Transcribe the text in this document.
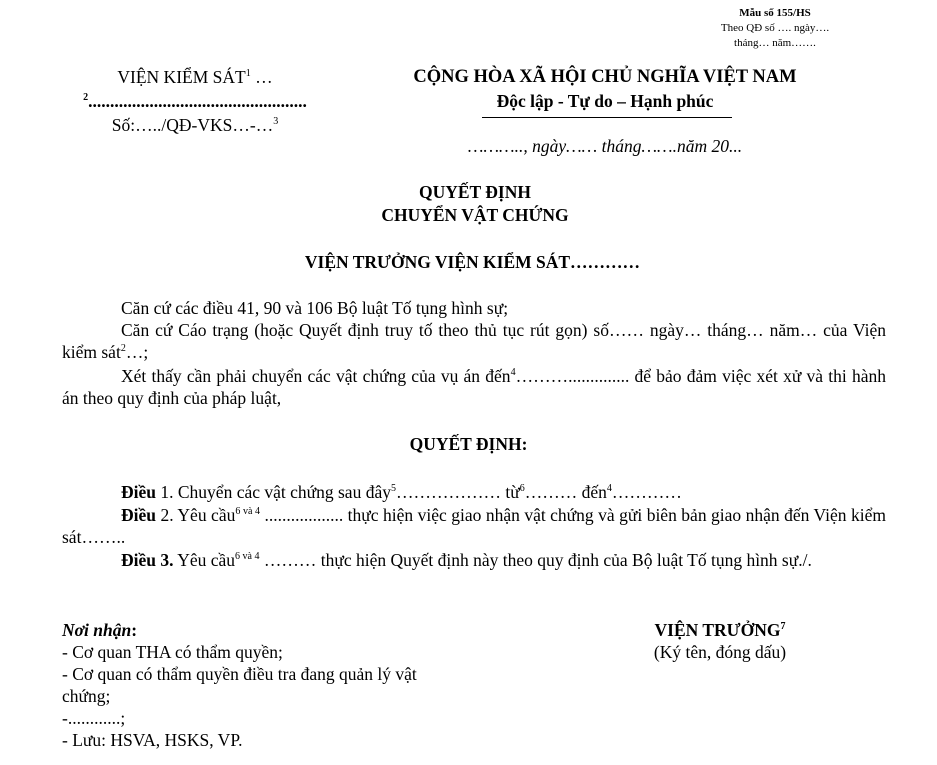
Mẫu số 155/HS
Theo QĐ số …. ngày….
tháng… năm…….
VIỆN KIỂM SÁT$^1$ …
$^2$..................................................
Số:…../QĐ-VKS…-…$^3$
CỘNG HÒA XÃ HỘI CHỦ NGHĨA VIỆT NAM
Độc lập - Tự do – Hạnh phúc
……….., ngày…… tháng…….năm 20...
QUYẾT ĐỊNH
CHUYỂN VẬT CHỨNG
VIỆN TRƯỞNG VIỆN KIỂM SÁT…………
Căn cứ các điều 41, 90 và 106 Bộ luật Tố tụng hình sự;
Căn cứ Cáo trạng (hoặc Quyết định truy tố theo thủ tục rút gọn) số…… ngày… tháng… năm… của Viện kiểm sát$^2$…;
Xét thấy cần phải chuyển các vật chứng của vụ án đến$^4$……….............. để bảo đảm việc xét xử và thi hành án theo quy định của pháp luật,
QUYẾT ĐỊNH:
Điều 1. Chuyển các vật chứng sau đây$^5$……………… từ$^6$……… đến$^4$…………
Điều 2. Yêu cầu$^{6 và 4}$ .................. thực hiện việc giao nhận vật chứng và gửi biên bản giao nhận đến Viện kiểm sát……..
Điều 3. Yêu cầu$^{6 và 4}$ ……… thực hiện Quyết định này theo quy định của Bộ luật Tố tụng hình sự./.
Nơi nhận:
- Cơ quan THA có thẩm quyền;
- Cơ quan có thẩm quyền điều tra đang quản lý vật
chứng;
-............;
- Lưu: HSVA, HSKS, VP.
VIỆN TRƯỞNG$^7$
(Ký tên, đóng dấu)
